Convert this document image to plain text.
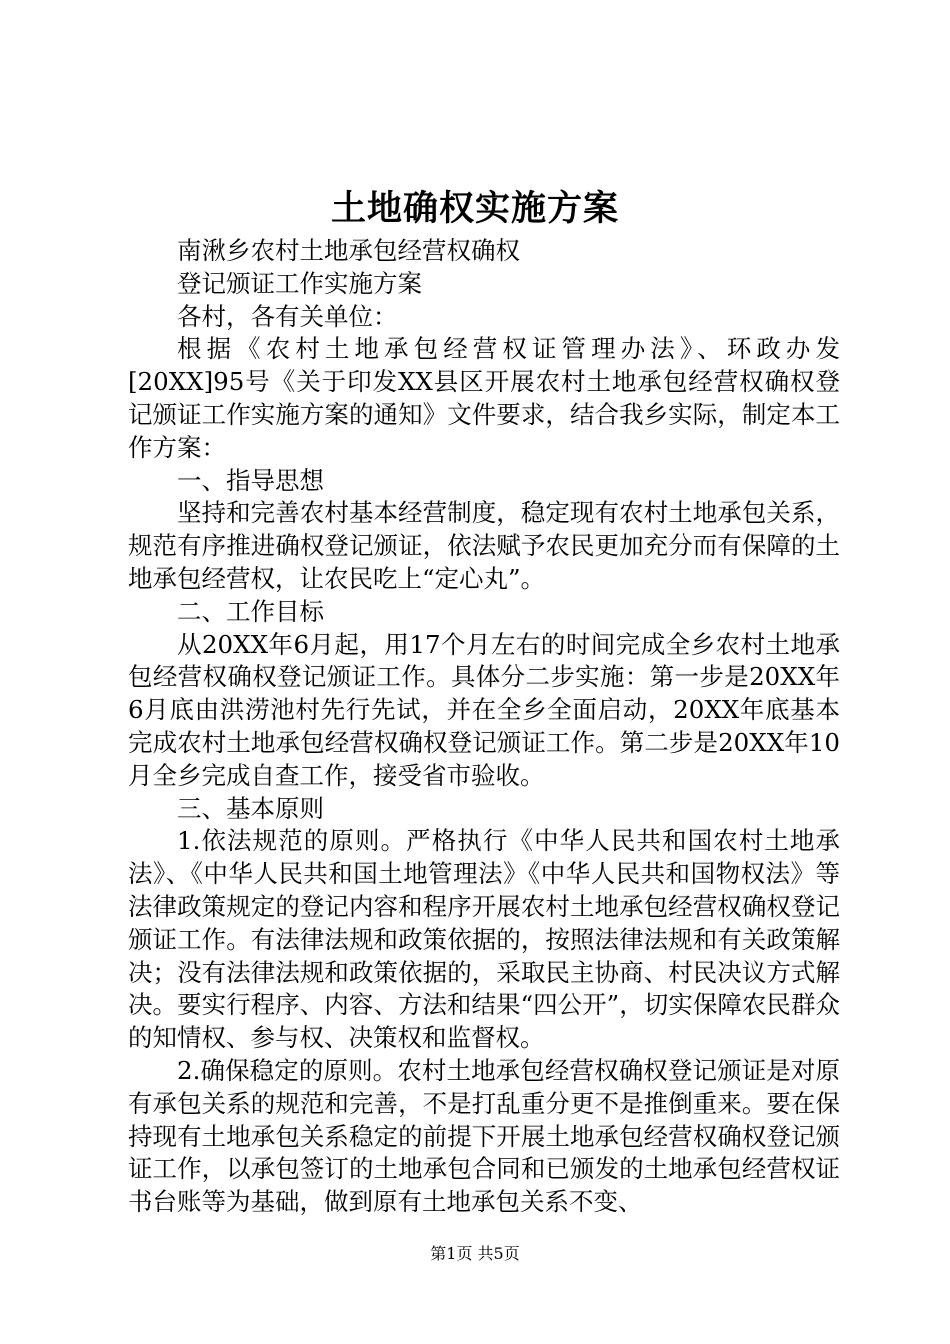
土地确权实施方案

南湫乡农村土地承包经营权确权

登记颁证工作实施方案

各村，各有关单位：

根据《农村土地承包经营权证管理办法》、环政办发[20XX]95号《关于印发XX县区开展农村土地承包经营权确权登记颁证工作实施方案的通知》文件要求，结合我乡实际，制定本工作方案：

一、指导思想

坚持和完善农村基本经营制度，稳定现有农村土地承包关系，规范有序推进确权登记颁证，依法赋予农民更加充分而有保障的土地承包经营权，让农民吃上“定心丸”。

二、工作目标

从20XX年6月起，用17个月左右的时间完成全乡农村土地承包经营权确权登记颁证工作。具体分二步实施：第一步是20XX年6月底由洪涝池村先行先试，并在全乡全面启动，20XX年底基本完成农村土地承包经营权确权登记颁证工作。第二步是20XX年10月全乡完成自查工作，接受省市验收。

三、基本原则

1.依法规范的原则。严格执行《中华人民共和国农村土地承法》、《中华人民共和国土地管理法》《中华人民共和国物权法》等法律政策规定的登记内容和程序开展农村土地承包经营权确权登记颁证工作。有法律法规和政策依据的，按照法律法规和有关政策解决；没有法律法规和政策依据的，采取民主协商、村民决议方式解决。要实行程序、内容、方法和结果“四公开”，切实保障农民群众的知情权、参与权、决策权和监督权。

2.确保稳定的原则。农村土地承包经营权确权登记颁证是对原有承包关系的规范和完善，不是打乱重分更不是推倒重来。要在保持现有土地承包关系稳定的前提下开展土地承包经营权确权登记颁证工作，以承包签订的土地承包合同和已颁发的土地承包经营权证书台账等为基础，做到原有土地承包关系不变、

第1页 共5页
